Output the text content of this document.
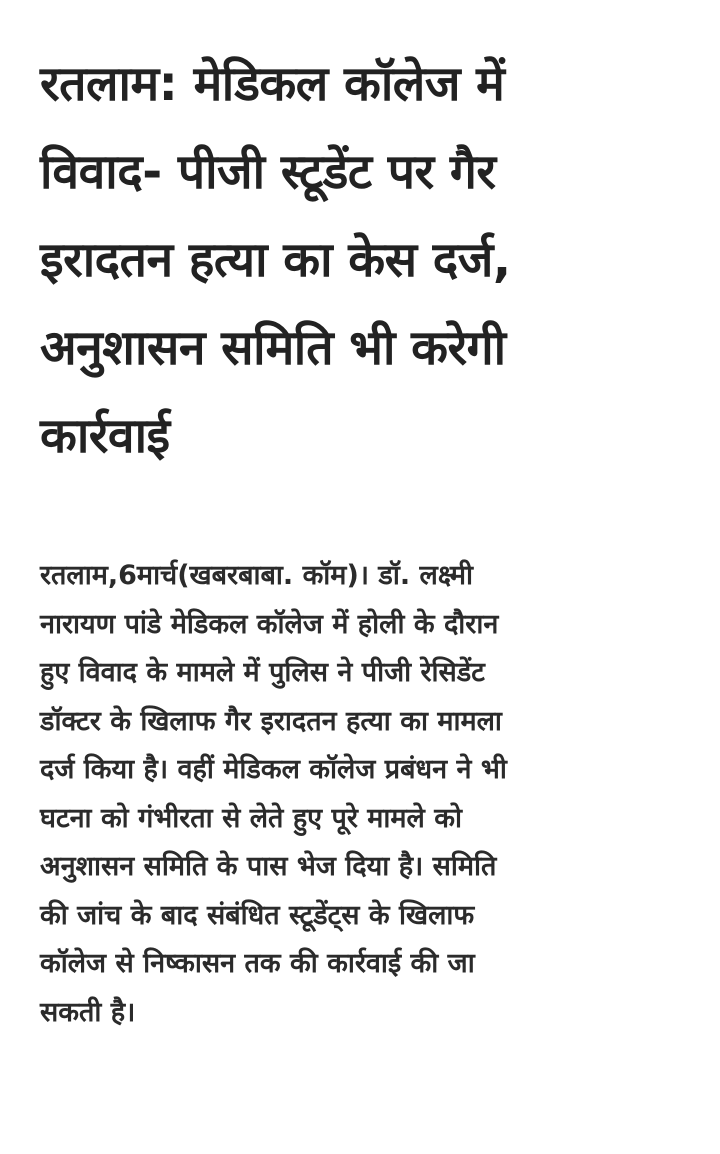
रतलाम: मेडिकल कॉलेज में
विवाद- पीजी स्टूडेंट पर गैर
इरादतन हत्या का केस दर्ज,
अनुशासन समिति भी करेगी
कार्रवाई

रतलाम,6मार्च(खबरबाबा. कॉम)। डॉ. लक्ष्मी
नारायण पांडे मेडिकल कॉलेज में होली के दौरान
हुए विवाद के मामले में पुलिस ने पीजी रेसिडेंट
डॉक्टर के खिलाफ गैर इरादतन हत्या का मामला
दर्ज किया है। वहीं मेडिकल कॉलेज प्रबंधन ने भी
घटना को गंभीरता से लेते हुए पूरे मामले को
अनुशासन समिति के पास भेज दिया है। समिति
की जांच के बाद संबंधित स्टूडेंट्स के खिलाफ
कॉलेज से निष्कासन तक की कार्रवाई की जा
सकती है।
